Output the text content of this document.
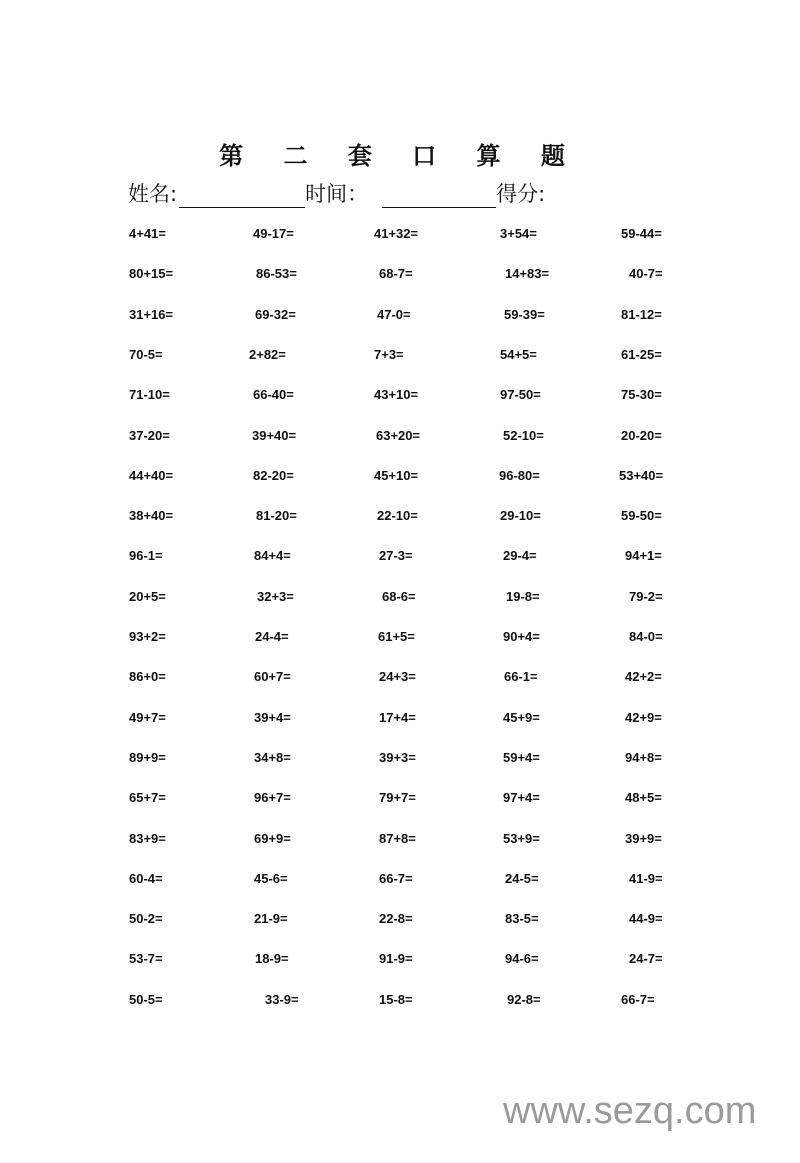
第 二 套 口 算 题
姓名:	时间：	得分:
4+41=	49-17=	41+32=	3+54=	59-44=
80+15=	86-53=	68-7=	14+83=	40-7=
31+16=	69-32=	47-0=	59-39=	81-12=
70-5=	2+82=	7+3=	54+5=	61-25=
71-10=	66-40=	43+10=	97-50=	75-30=
37-20=	39+40=	63+20=	52-10=	20-20=
44+40=	82-20=	45+10=	96-80=	53+40=
38+40=	81-20=	22-10=	29-10=	59-50=
96-1=	84+4=	27-3=	29-4=	94+1=
20+5=	32+3=	68-6=	19-8=	79-2=
93+2=	24-4=	61+5=	90+4=	84-0=
86+0=	60+7=	24+3=	66-1=	42+2=
49+7=	39+4=	17+4=	45+9=	42+9=
89+9=	34+8=	39+3=	59+4=	94+8=
65+7=	96+7=	79+7=	97+4=	48+5=
83+9=	69+9=	87+8=	53+9=	39+9=
60-4=	45-6=	66-7=	24-5=	41-9=
50-2=	21-9=	22-8=	83-5=	44-9=
53-7=	18-9=	91-9=	94-6=	24-7=
50-5=	33-9=	15-8=	92-8=	66-7=
www.sezq.com
